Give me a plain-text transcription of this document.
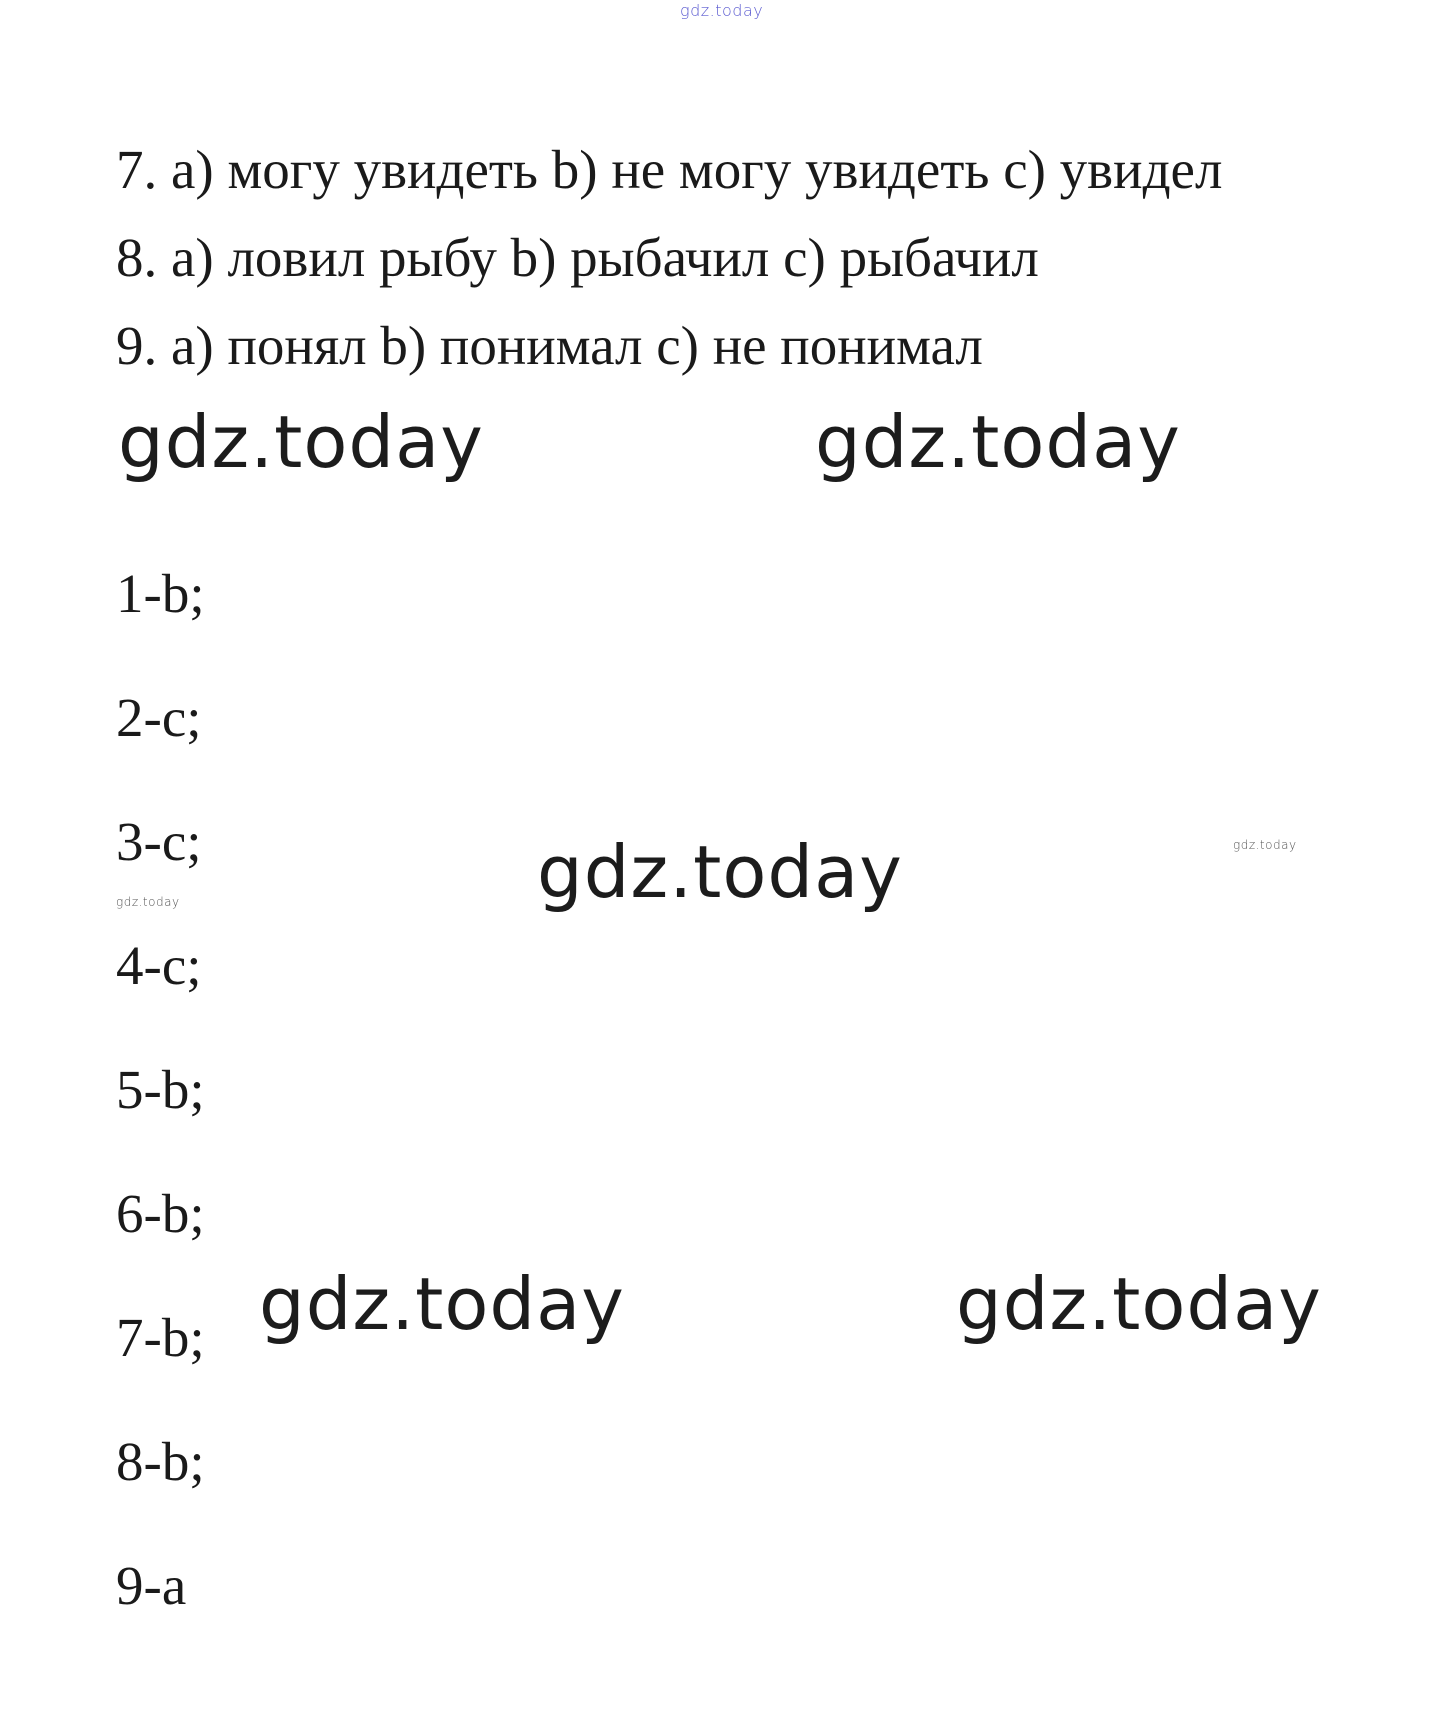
gdz.today
7. a) могу увидеть b) не могу увидеть c) увидел
8. a) ловил рыбу b) рыбачил c) рыбачил
9. a) понял b) понимал c) не понимал
gdz.today	gdz.today
1-b;
2-c;
3-c;
4-c;
5-b;
6-b;
7-b;
8-b;
9-a
gdz.today
gdz.today	gdz.today
gdz.today	gdz.today
